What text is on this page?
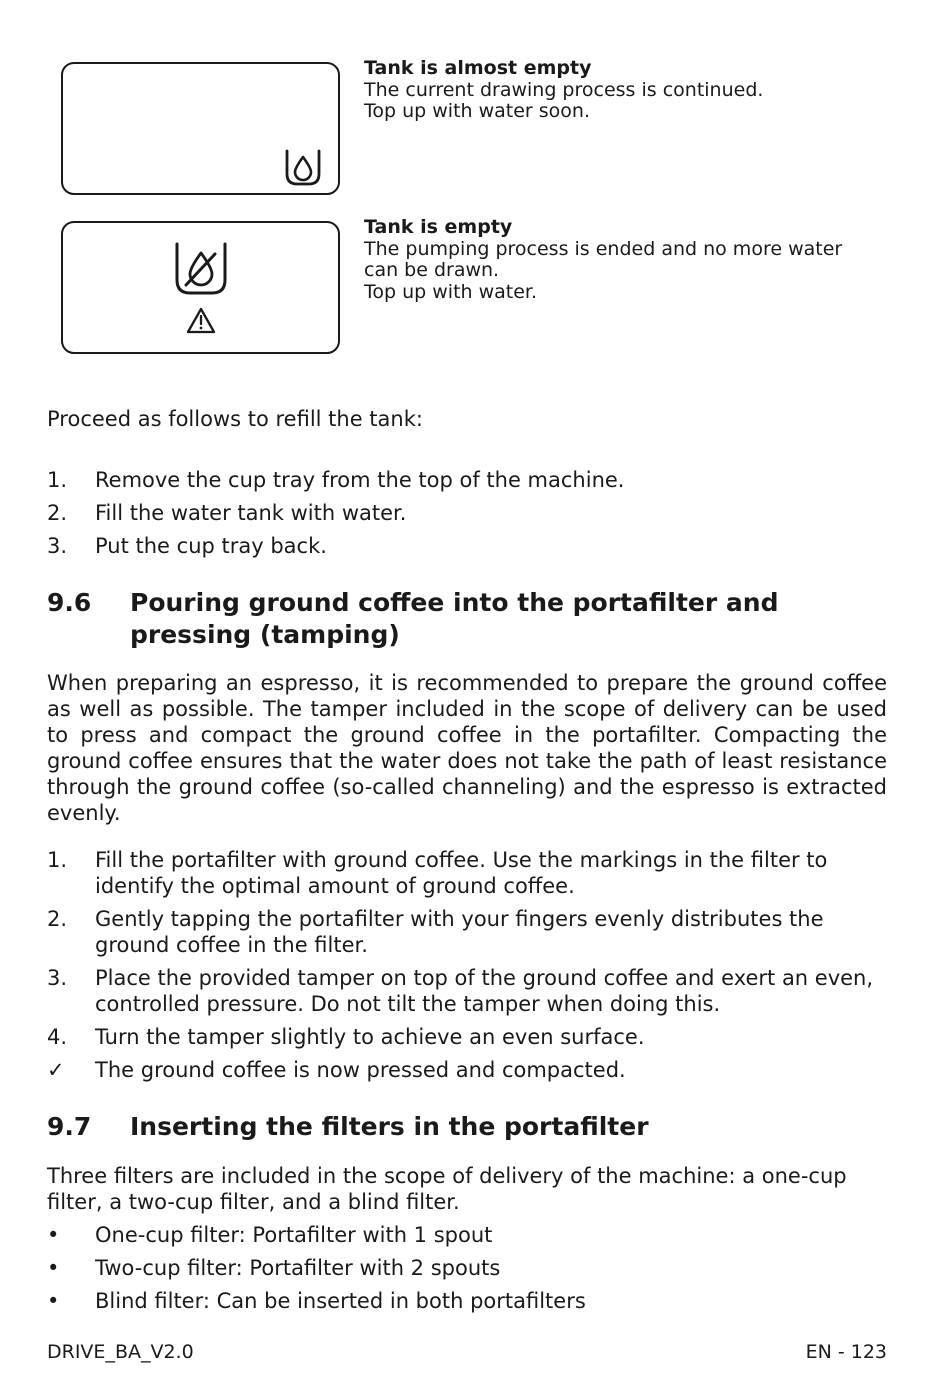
Tank is almost empty
The current drawing process is continued.
Top up with water soon.
Tank is empty
The pumping process is ended and no more water
can be drawn.
Top up with water.

Proceed as follows to refill the tank:

1. Remove the cup tray from the top of the machine.
2. Fill the water tank with water.
3. Put the cup tray back.
9.6	Pouring ground coffee into the portafilter and pressing (tamping)

When preparing an espresso, it is recommended to prepare the ground coffee as well as possible. The tamper included in the scope of delivery can be used to press and compact the ground coffee in the portafilter. Compacting the ground coffee ensures that the water does not take the path of least resistance through the ground coffee (so-called channeling) and the espresso is extracted evenly.

1. Fill the portafilter with ground coffee. Use the markings in the filter to identify the optimal amount of ground coffee.
2. Gently tapping the portafilter with your fingers evenly distributes the ground coffee in the filter.
3. Place the provided tamper on top of the ground coffee and exert an even, controlled pressure. Do not tilt the tamper when doing this.
4. Turn the tamper slightly to achieve an even surface.
✓ The ground coffee is now pressed and compacted.
9.7	Inserting the filters in the portafilter

Three filters are included in the scope of delivery of the machine: a one-cup filter, a two-cup filter, and a blind filter.

• One-cup filter: Portafilter with 1 spout
• Two-cup filter: Portafilter with 2 spouts
• Blind filter: Can be inserted in both portafilters
DRIVE_BA_V2.0	EN - 123
